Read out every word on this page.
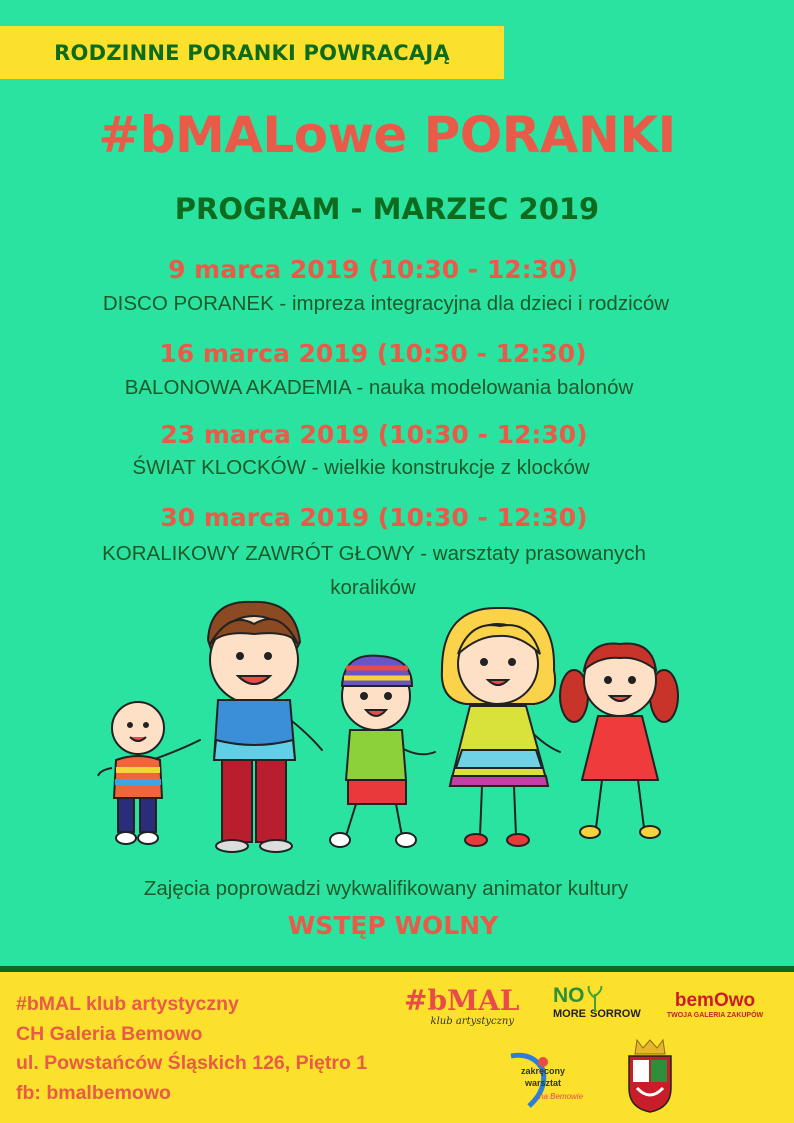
RODZINNE PORANKI POWRACAJĄ
#bMALowe PORANKI
PROGRAM - MARZEC 2019
9 marca 2019 (10:30 - 12:30)
DISCO PORANEK - impreza integracyjna dla dzieci i rodziców
16 marca 2019 (10:30 - 12:30)
BALONOWA AKADEMIA - nauka modelowania balonów
23 marca 2019 (10:30 - 12:30)
ŚWIAT KLOCKÓW - wielkie konstrukcje z klocków
30 marca 2019 (10:30 - 12:30)
KORALIKOWY ZAWRÓT GŁOWY - warsztaty prasowanych
koralików
Zajęcia poprowadzi wykwalifikowany animator kultury
WSTĘP WOLNY
#bMAL klub artystyczny
CH Galeria Bemowo
ul. Powstańców Śląskich 126, Piętro 1
fb: bmalbemowo
#bMAL
klub artystyczny
NO
MORE SORROW
bemOwo
TWOJA GALERIA ZAKUPÓW
zakręcony
warsztat
na Bemowie
